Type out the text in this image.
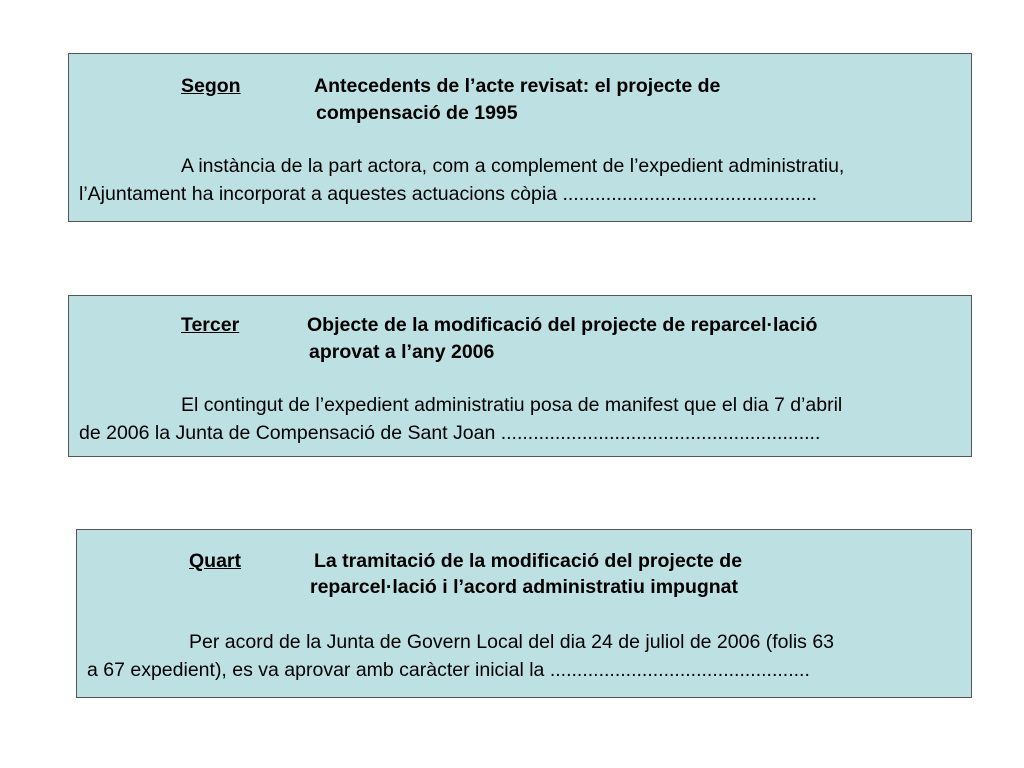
Segon	Antecedents de l’acte revisat: el projecte de
compensació de 1995
A instància de la part actora, com a complement de l’expedient administratiu,
l’Ajuntament ha incorporat a aquestes actuacions còpia ...............................................
Tercer	Objecte de la modificació del projecte de reparcel·lació
aprovat a l’any 2006
El contingut de l’expedient administratiu posa de manifest que el dia 7 d’abril
de 2006 la Junta de Compensació de Sant Joan ...........................................................
Quart	La tramitació de la modificació del projecte de
reparcel·lació i l’acord administratiu impugnat
Per acord de la Junta de Govern Local del dia 24 de juliol de 2006 (folis 63
a 67 expedient), es va aprovar amb caràcter inicial la ................................................
